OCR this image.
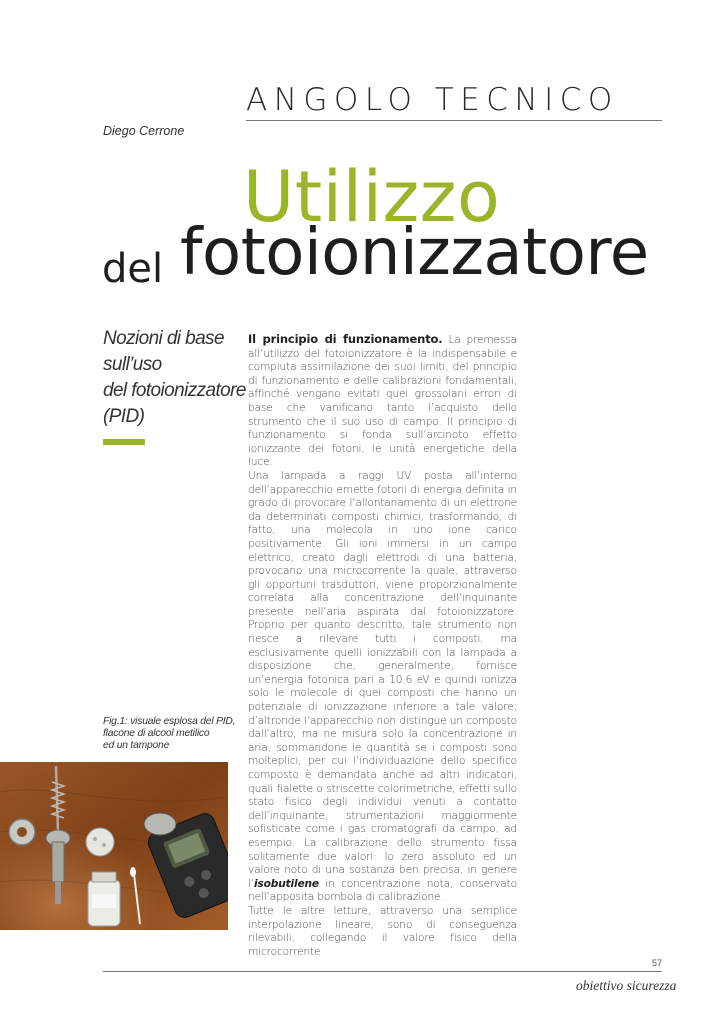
ANGOLO TECNICO
Diego Cerrone
Utilizzo
del fotoionizzatore
Nozioni di base
sull’uso
del fotoionizzatore
(PID)
Fig.1: visuale esplosa del PID,
flacone di alcool metilico
ed un tampone

Il principio di funzionamento. La premessa all’utilizzo del fotoionizzatore è la indispensabile e compiuta assimilazione dei suoi limiti, del principio di funzionamento e delle calibrazioni fondamentali, affinché vengano evitati quei grossolani errori di base che vanificano tanto l’acquisto dello strumento che il suo uso di campo. Il principio di funzionamento si fonda sull’arcinoto effetto ionizzante dei fotoni, le unità energetiche della luce.

Una lampada a raggi UV posta all’interno dell’apparecchio emette fotoni di energia definita in grado di provocare l’allontanamento di un elettrone da determinati composti chimici, trasformando, di fatto, una molecola in uno ione carico positivamente. Gli ioni immersi in un campo elettrico, creato dagli elettrodi di una batteria, provocano una microcorrente la quale, attraverso gli opportuni trasduttori, viene proporzionalmente correlata alla concentrazione dell’inquinante presente nell’aria aspirata dal fotoionizzatore. Proprio per quanto descritto, tale strumento non riesce a rilevare tutti i composti, ma esclusivamente quelli ionizzabili con la lampada a disposizione che, generalmente, fornisce un’energia fotonica pari a 10.6 eV e quindi ionizza solo le molecole di quei composti che hanno un potenziale di ionizzazione inferiore a tale valore; d’altronde l’apparecchio non distingue un composto dall’altro, ma ne misura solo la concentrazione in aria, sommandone le quantità se i composti sono molteplici, per cui l’individuazione dello specifico composto è demandata anche ad altri indicatori, quali fialette o striscette colorimetriche, effetti sullo stato fisico degli individui venuti a contatto dell’inquinante, strumentazioni maggiormente sofisticate come i gas cromatografi da campo, ad esempio. La calibrazione dello strumento fissa solitamente due valori: lo zero assoluto ed un valore noto di una sostanza ben precisa, in genere l’isobutilene in concentrazione nota, conservato nell’apposita bombola di calibrazione.

Tutte le altre letture, attraverso una semplice interpolazione lineare, sono di conseguenza rilevabili, collegando il valore fisico della microcorrente

57
obiettivo sicurezza
